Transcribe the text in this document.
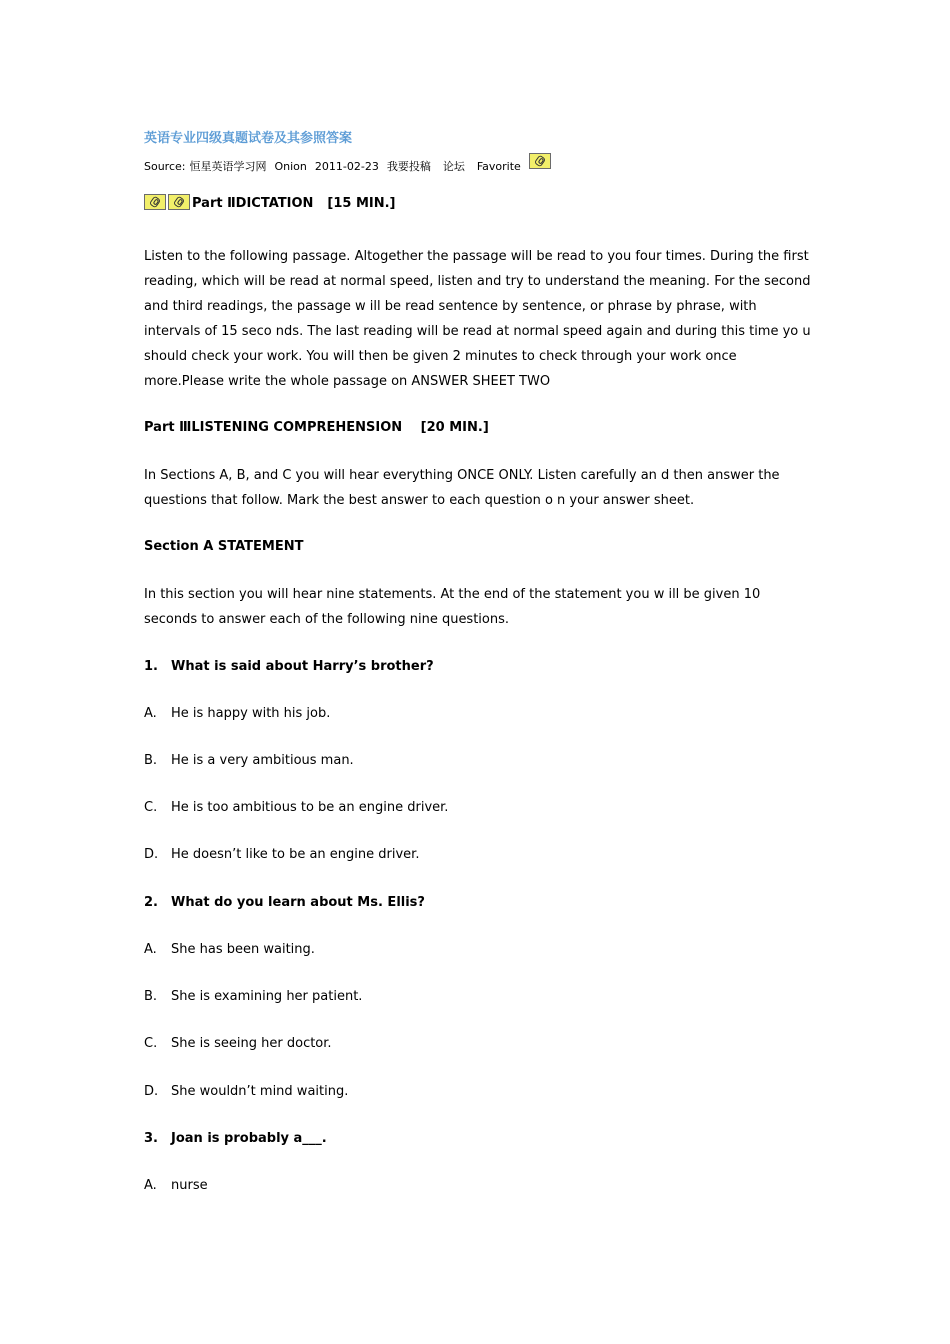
英语专业四级真题试卷及其参照答案
Source: 恒星英语学习网 Onion 2011-02-23 我要投稿 论坛 Favorite
Part ⅡDICTATION [15 MIN.]
Listen to the following passage. Altogether the passage will be read to you four times. During the first reading, which will be read at normal speed, listen and try to understand the meaning. For the second and third readings, the passage w ill be read sentence by sentence, or phrase by phrase, with intervals of 15 seco nds. The last reading will be read at normal speed again and during this time yo u should check your work. You will then be given 2 minutes to check through your work once more.Please write the whole passage on ANSWER SHEET TWO
Part ⅢLISTENING COMPREHENSION [20 MIN.]
In Sections A, B, and C you will hear everything ONCE ONLY. Listen carefully an d then answer the questions that follow. Mark the best answer to each question o n your answer sheet.
Section A STATEMENT
In this section you will hear nine statements. At the end of the statement you w ill be given 10 seconds to answer each of the following nine questions.
1. What is said about Harry’s brother?
A. He is happy with his job.
B. He is a very ambitious man.
C. He is too ambitious to be an engine driver.
D. He doesn’t like to be an engine driver.
2. What do you learn about Ms. Ellis?
A. She has been waiting.
B. She is examining her patient.
C. She is seeing her doctor.
D. She wouldn’t mind waiting.
3. Joan is probably a___.
A. nurse
